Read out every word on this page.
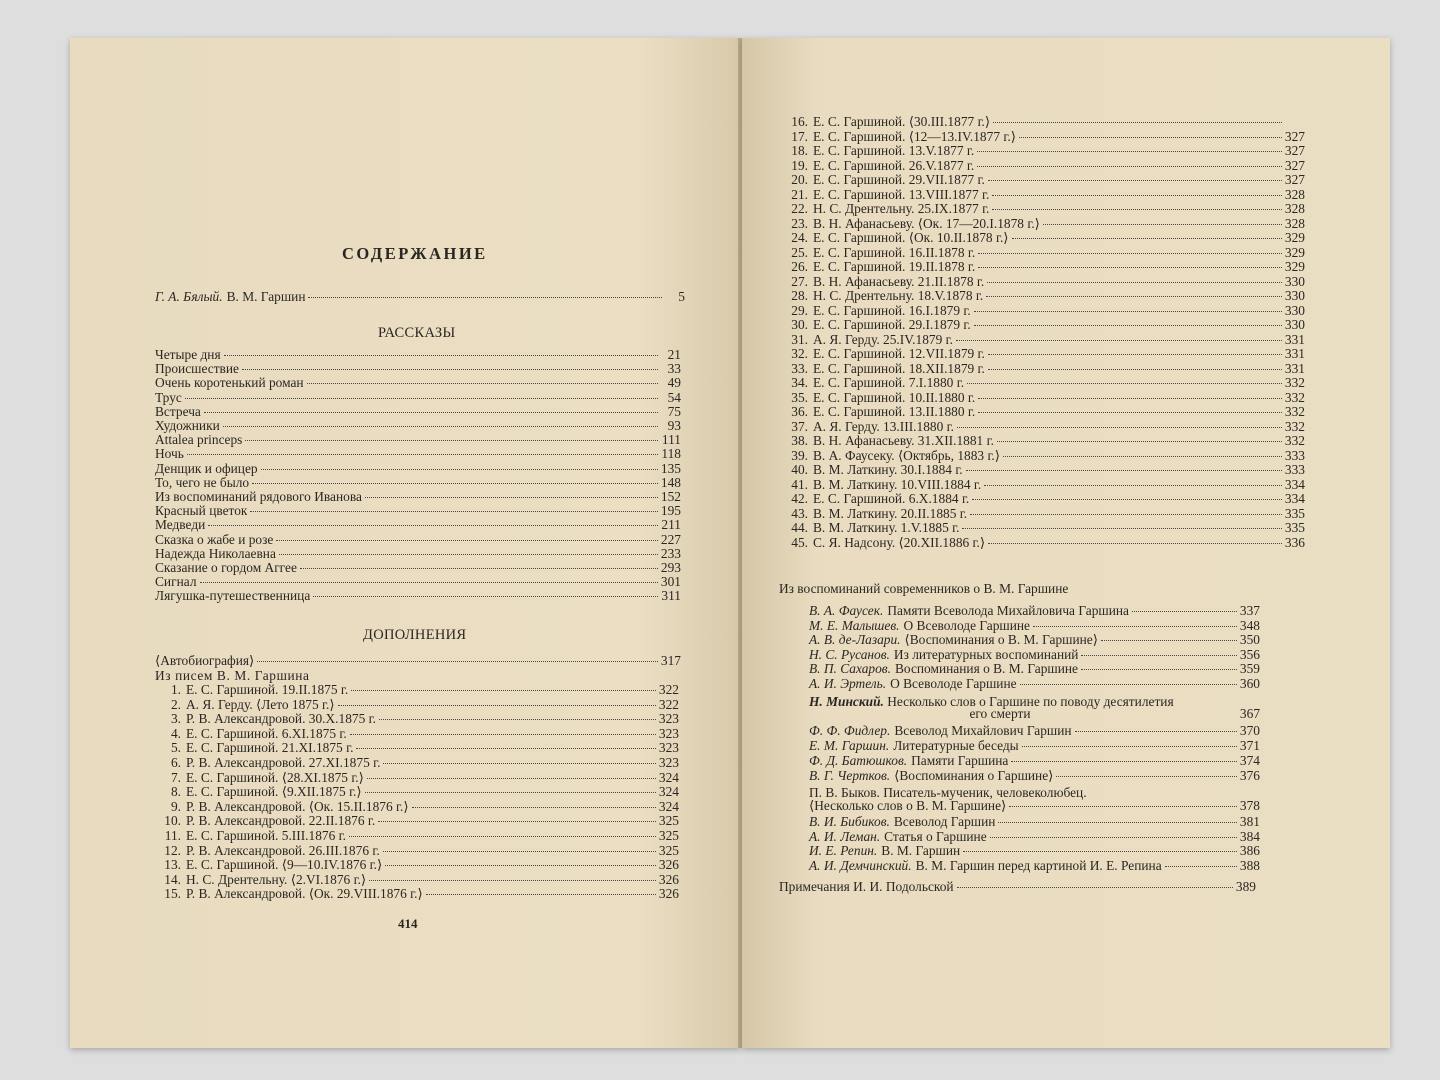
СОДЕРЖАНИЕ
Г. А. Бялый. В. М. Гаршин	5
РАССКАЗЫ
Четыре дня	21
Происшествие	33
Очень коротенький роман	49
Трус	54
Встреча	75
Художники	93
Attalea princeps	111
Ночь	118
Денщик и офицер	135
То, чего не было	148
Из воспоминаний рядового Иванова	152
Красный цветок	195
Медведи	211
Сказка о жабе и розе	227
Надежда Николаевна	233
Сказание о гордом Аггее	293
Сигнал	301
Лягушка-путешественница	311
ДОПОЛНЕНИЯ
⟨Автобиография⟩	317
Из писем В. М. Гаршина
1. Е. С. Гаршиной. 19.II.1875 г.	322
2. А. Я. Герду. ⟨Лето 1875 г.⟩	322
3. Р. В. Александровой. 30.X.1875 г.	323
4. Е. С. Гаршиной. 6.XI.1875 г.	323
5. Е. С. Гаршиной. 21.XI.1875 г.	323
6. Р. В. Александровой. 27.XI.1875 г.	323
7. Е. С. Гаршиной. ⟨28.XI.1875 г.⟩	324
8. Е. С. Гаршиной. ⟨9.XII.1875 г.⟩	324
9. Р. В. Александровой. ⟨Ок. 15.II.1876 г.⟩	324
10. Р. В. Александровой. 22.II.1876 г.	325
11. Е. С. Гаршиной. 5.III.1876 г.	325
12. Р. В. Александровой. 26.III.1876 г.	325
13. Е. С. Гаршиной. ⟨9—10.IV.1876 г.⟩	326
14. Н. С. Дрентельну. ⟨2.VI.1876 г.⟩	326
15. Р. В. Александровой. ⟨Ок. 29.VIII.1876 г.⟩	326
414
16. Е. С. Гаршиной. ⟨30.III.1877 г.⟩
17. Е. С. Гаршиной. ⟨12—13.IV.1877 г.⟩	327
18. Е. С. Гаршиной. 13.V.1877 г.	327
19. Е. С. Гаршиной. 26.V.1877 г.	327
20. Е. С. Гаршиной. 29.VII.1877 г.	327
21. Е. С. Гаршиной. 13.VIII.1877 г.	328
22. Н. С. Дрентельну. 25.IX.1877 г.	328
23. В. Н. Афанасьеву. ⟨Ок. 17—20.I.1878 г.⟩	328
24. Е. С. Гаршиной. ⟨Ок. 10.II.1878 г.⟩	329
25. Е. С. Гаршиной. 16.II.1878 г.	329
26. Е. С. Гаршиной. 19.II.1878 г.	329
27. В. Н. Афанасьеву. 21.II.1878 г.	330
28. Н. С. Дрентельну. 18.V.1878 г.	330
29. Е. С. Гаршиной. 16.I.1879 г.	330
30. Е. С. Гаршиной. 29.I.1879 г.	330
31. А. Я. Герду. 25.IV.1879 г.	331
32. Е. С. Гаршиной. 12.VII.1879 г.	331
33. Е. С. Гаршиной. 18.XII.1879 г.	331
34. Е. С. Гаршиной. 7.I.1880 г.	332
35. Е. С. Гаршиной. 10.II.1880 г.	332
36. Е. С. Гаршиной. 13.II.1880 г.	332
37. А. Я. Герду. 13.III.1880 г.	332
38. В. Н. Афанасьеву. 31.XII.1881 г.	332
39. В. А. Фаусеку. ⟨Октябрь, 1883 г.⟩	333
40. В. М. Латкину. 30.I.1884 г.	333
41. В. М. Латкину. 10.VIII.1884 г.	334
42. Е. С. Гаршиной. 6.X.1884 г.	334
43. В. М. Латкину. 20.II.1885 г.	335
44. В. М. Латкину. 1.V.1885 г.	335
45. С. Я. Надсону. ⟨20.XII.1886 г.⟩	336
Из воспоминаний современников о В. М. Гаршине
В. А. Фаусек. Памяти Всеволода Михайловича Гаршина	337
М. Е. Малышев. О Всеволоде Гаршине	348
А. В. де-Лазари. ⟨Воспоминания о В. М. Гаршине⟩	350
Н. С. Русанов. Из литературных воспоминаний	356
В. П. Сахаров. Воспоминания о В. М. Гаршине	359
А. И. Эртель. О Всеволоде Гаршине	360
Н. Минский. Несколько слов о Гаршине по поводу десятилетия
его смерти	367
Ф. Ф. Фидлер. Всеволод Михайлович Гаршин	370
Е. М. Гаршин. Литературные беседы	371
Ф. Д. Батюшков. Памяти Гаршина	374
В. Г. Чертков. ⟨Воспоминания о Гаршине⟩	376
П. В. Быков. Писатель-мученик, человеколюбец.
⟨Несколько слов о В. М. Гаршине⟩	378
В. И. Бибиков. Всеволод Гаршин	381
А. И. Леман. Статья о Гаршине	384
И. Е. Репин. В. М. Гаршин	386
А. И. Демчинский. В. М. Гаршин перед картиной И. Е. Репина	388
Примечания И. И. Подольской	389
